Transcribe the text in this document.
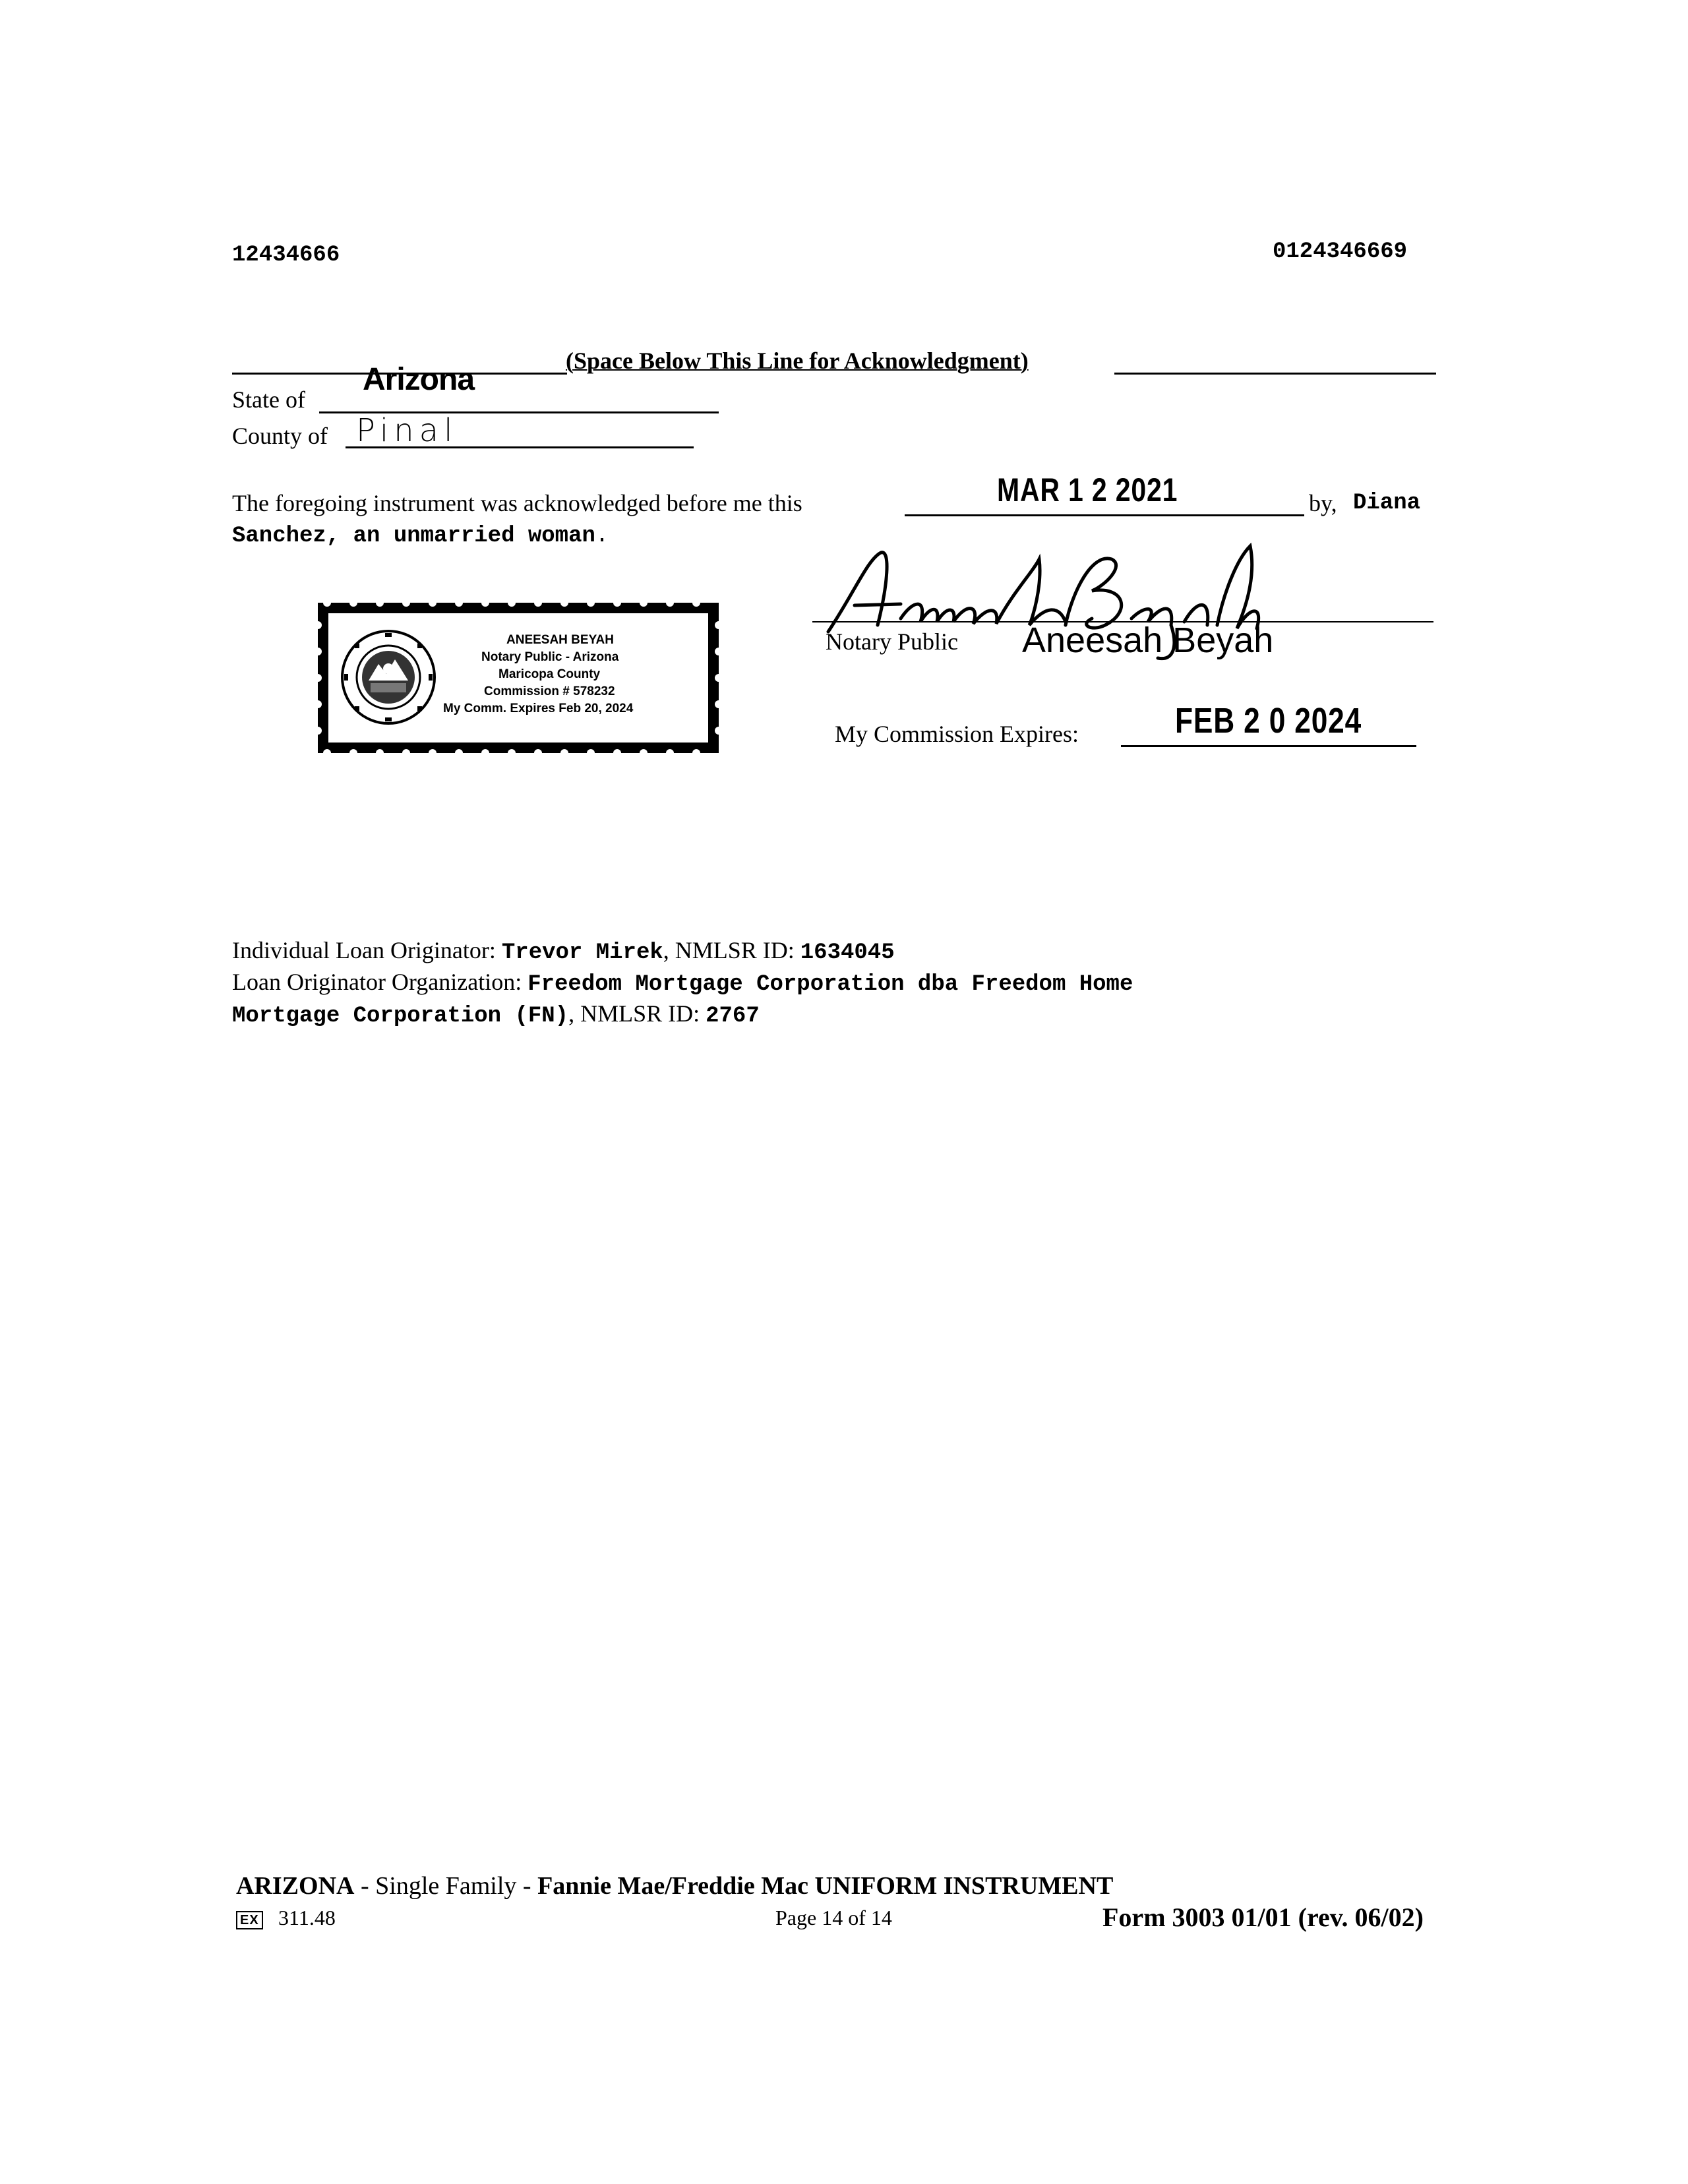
12434666	0124346669
(Space Below This Line for Acknowledgment)
State of
Arizona
County of Pinal
The foregoing instrument was acknowledged before me this	MAR 1 2 2021	by, Diana
Sanchez, an unmarried woman.
ANEESAH BEYAH
Notary Public - Arizona
Maricopa County
Commission # 578232
My Comm. Expires Feb 20, 2024
Aneesah Beyah
Notary Public Aneesah Beyah
My Commission Expires:	FEB 2 0 2024
Individual Loan Originator: Trevor Mirek, NMLSR ID: 1634045
Loan Originator Organization: Freedom Mortgage Corporation dba Freedom Home
Mortgage Corporation (FN), NMLSR ID: 2767
ARIZONA - Single Family - Fannie Mae/Freddie Mac UNIFORM INSTRUMENT
EX 311.48	Page 14 of 14	Form 3003 01/01 (rev. 06/02)
